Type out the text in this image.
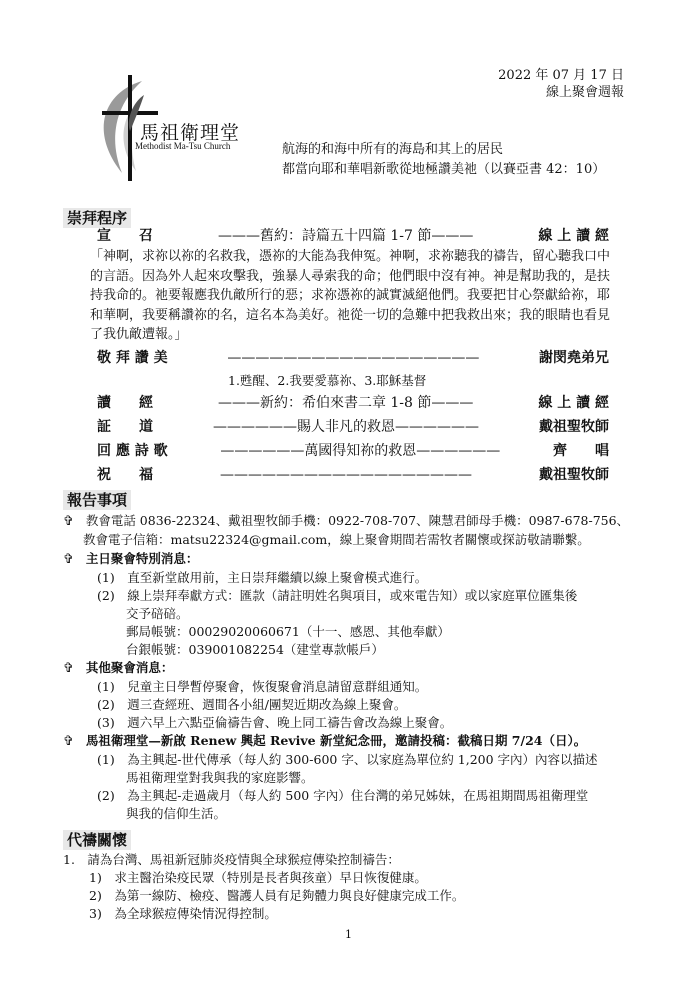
2022 年 07 月 17 日
線上聚會週報
馬祖衛理堂
Methodist Ma-Tsu Church	航海的和海中所有的海島和其上的居民
都當向耶和華唱新歌從地極讚美祂（以賽亞書 42：10）
崇拜程序
宣　　召	———舊約：詩篇五十四篇 1-7 節———	線 上 讀 經
「神啊，求祢以祢的名救我，憑祢的大能為我伸冤。神啊，求祢聽我的禱告，留心聽我口中的言語。因為外人起來攻擊我，強暴人尋索我的命；他們眼中沒有神。神是幫助我的，是扶持我命的。祂要報應我仇敵所行的惡；求祢憑祢的誠實滅絕他們。我要把甘心祭獻給祢，耶和華啊，我要稱讚祢的名，這名本為美好。祂從一切的急難中把我救出來；我的眼睛也看見了我仇敵遭報。」
敬 拜 讚 美	——————————————————	謝閔堯弟兄
1.甦醒、2.我要愛慕祢、3.耶穌基督
讀　　經	———新約：希伯來書二章 1-8 節———	線 上 讀 經
証　　道	——————賜人非凡的救恩——————	戴祖聖牧師
回 應 詩 歌	——————萬國得知祢的救恩——————	齊　　唱
祝　　福	——————————————————	戴祖聖牧師
報告事項
✞ 教會電話 0836-22324、戴祖聖牧師手機：0922-708-707、陳慧君師母手機：0987-678-756、
教會電子信箱：matsu22324@gmail.com，線上聚會期間若需牧者關懷或探訪敬請聯繫。
✞ 主日聚會特別消息：
(1)　直至新堂啟用前，主日崇拜繼續以線上聚會模式進行。
(2)　線上崇拜奉獻方式：匯款（請註明姓名與項目，或來電告知）或以家庭單位匯集後
交予碚碚。
郵局帳號：00029020060671（十一、感恩、其他奉獻）
台銀帳號：039001082254（建堂專款帳戶）
✞ 其他聚會消息：
(1)　兒童主日學暫停聚會，恢復聚會消息請留意群組通知。
(2)　週三查經班、週間各小組/團契近期改為線上聚會。
(3)　週六早上六點亞倫禱告會、晚上同工禱告會改為線上聚會。
✞ 馬祖衛理堂—新啟 Renew 興起 Revive 新堂紀念冊，邀請投稿：截稿日期 7/24（日）。
(1)　為主興起-世代傳承（每人約 300-600 字、以家庭為單位約 1,200 字內）內容以描述
馬祖衛理堂對我與我的家庭影響。
(2)　為主興起-走過歲月（每人約 500 字內）住台灣的弟兄姊妹，在馬祖期間馬祖衛理堂
與我的信仰生活。
代禱關懷
1.　請為台灣、馬祖新冠肺炎疫情與全球猴痘傳染控制禱告：
1)　求主醫治染疫民眾（特別是長者與孩童）早日恢復健康。
2)　為第一線防、檢疫、醫護人員有足夠體力與良好健康完成工作。
3)　為全球猴痘傳染情況得控制。
1
